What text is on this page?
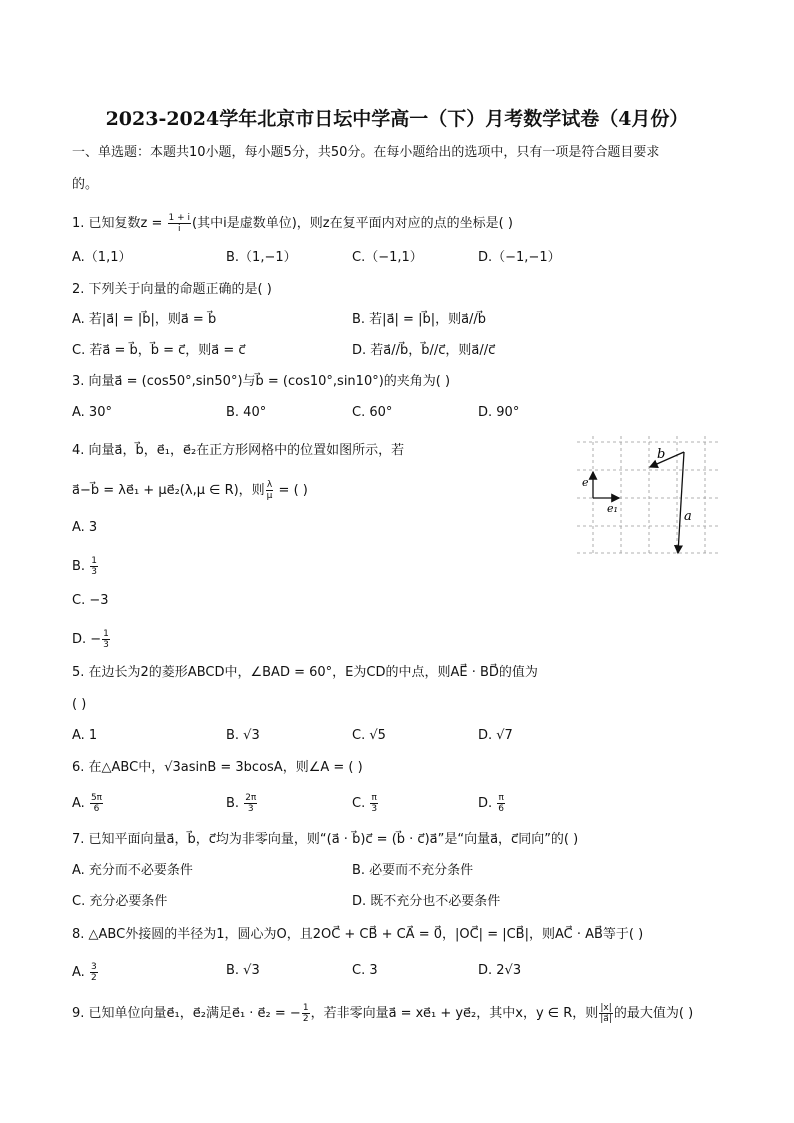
2023-2024学年北京市日坛中学高一（下）月考数学试卷（4月份）
一、单选题：本题共10小题，每小题5分，共50分。在每小题给出的选项中，只有一项是符合题目要求
的。
1. 已知复数$z = \frac{1 + i}{i}$ (其中i是虚数单位)，则z在复平面内对应的点的坐标是( )
A.（1,1）	B.（1,−1）	C.（−1,1）	D.（−1,−1）
2. 下列关于向量的命题正确的是( )
A. 若|a⃗| = |b⃗|，则a⃗ = b⃗	B. 若|a⃗| = |b⃗|，则a⃗//b⃗
C. 若a⃗ = b⃗，b⃗ = c⃗，则a⃗ = c⃗	D. 若a⃗//b⃗，b⃗//c⃗，则a⃗//c⃗
3. 向量a⃗ = (cos50°,sin50°)与b⃗ = (cos10°,sin10°)的夹角为( )
A. 30°	B. 40°	C. 60°	D. 90°
4. 向量a⃗，b⃗，e⃗₁，e⃗₂在正方形网格中的位置如图所示，若
a⃗−b⃗ = λe⃗₁ + μe⃗₂(λ,μ ∈ R)，则 $\frac{\lambda}{\mu}$ = ( )
A. 3
B. $\frac{1}{3}$
C. −3
D. − $\frac{1}{3}$
b
a
e
e₁
5. 在边长为2的菱形ABCD中，∠BAD = 60°，E为CD的中点，则AE⃗ · BD⃗的值为
( )
A. 1	B. √3	C. √5	D. √7
6. 在△ABC中，√3asinB = 3bcosA，则∠A = ( )
A. $\frac{5\pi}{6}$	B. $\frac{2\pi}{3}$	C. $\frac{\pi}{3}$	D. $\frac{\pi}{6}$
7. 已知平面向量a⃗，b⃗，c⃗均为非零向量，则“(a⃗ · b⃗)c⃗ = (b⃗ · c⃗)a⃗”是“向量a⃗，c⃗同向”的( )
A. 充分而不必要条件	B. 必要而不充分条件
C. 充分必要条件	D. 既不充分也不必要条件
8. △ABC外接圆的半径为1，圆心为O，且2OC⃗ + CB⃗ + CA⃗ = 0⃗，|OC⃗| = |CB⃗|，则AC⃗ · AB⃗等于( )
A. $\frac{3}{2}$	B. √3	C. 3	D. 2√3
9. 已知单位向量e⃗₁，e⃗₂满足e⃗₁ · e⃗₂ = − $\frac{1}{2}$ ，若非零向量a⃗ = xe⃗₁ + ye⃗₂，其中x，y ∈ R，则 $\frac{|x|}{|a⃗|}$ 的最大值为( )
